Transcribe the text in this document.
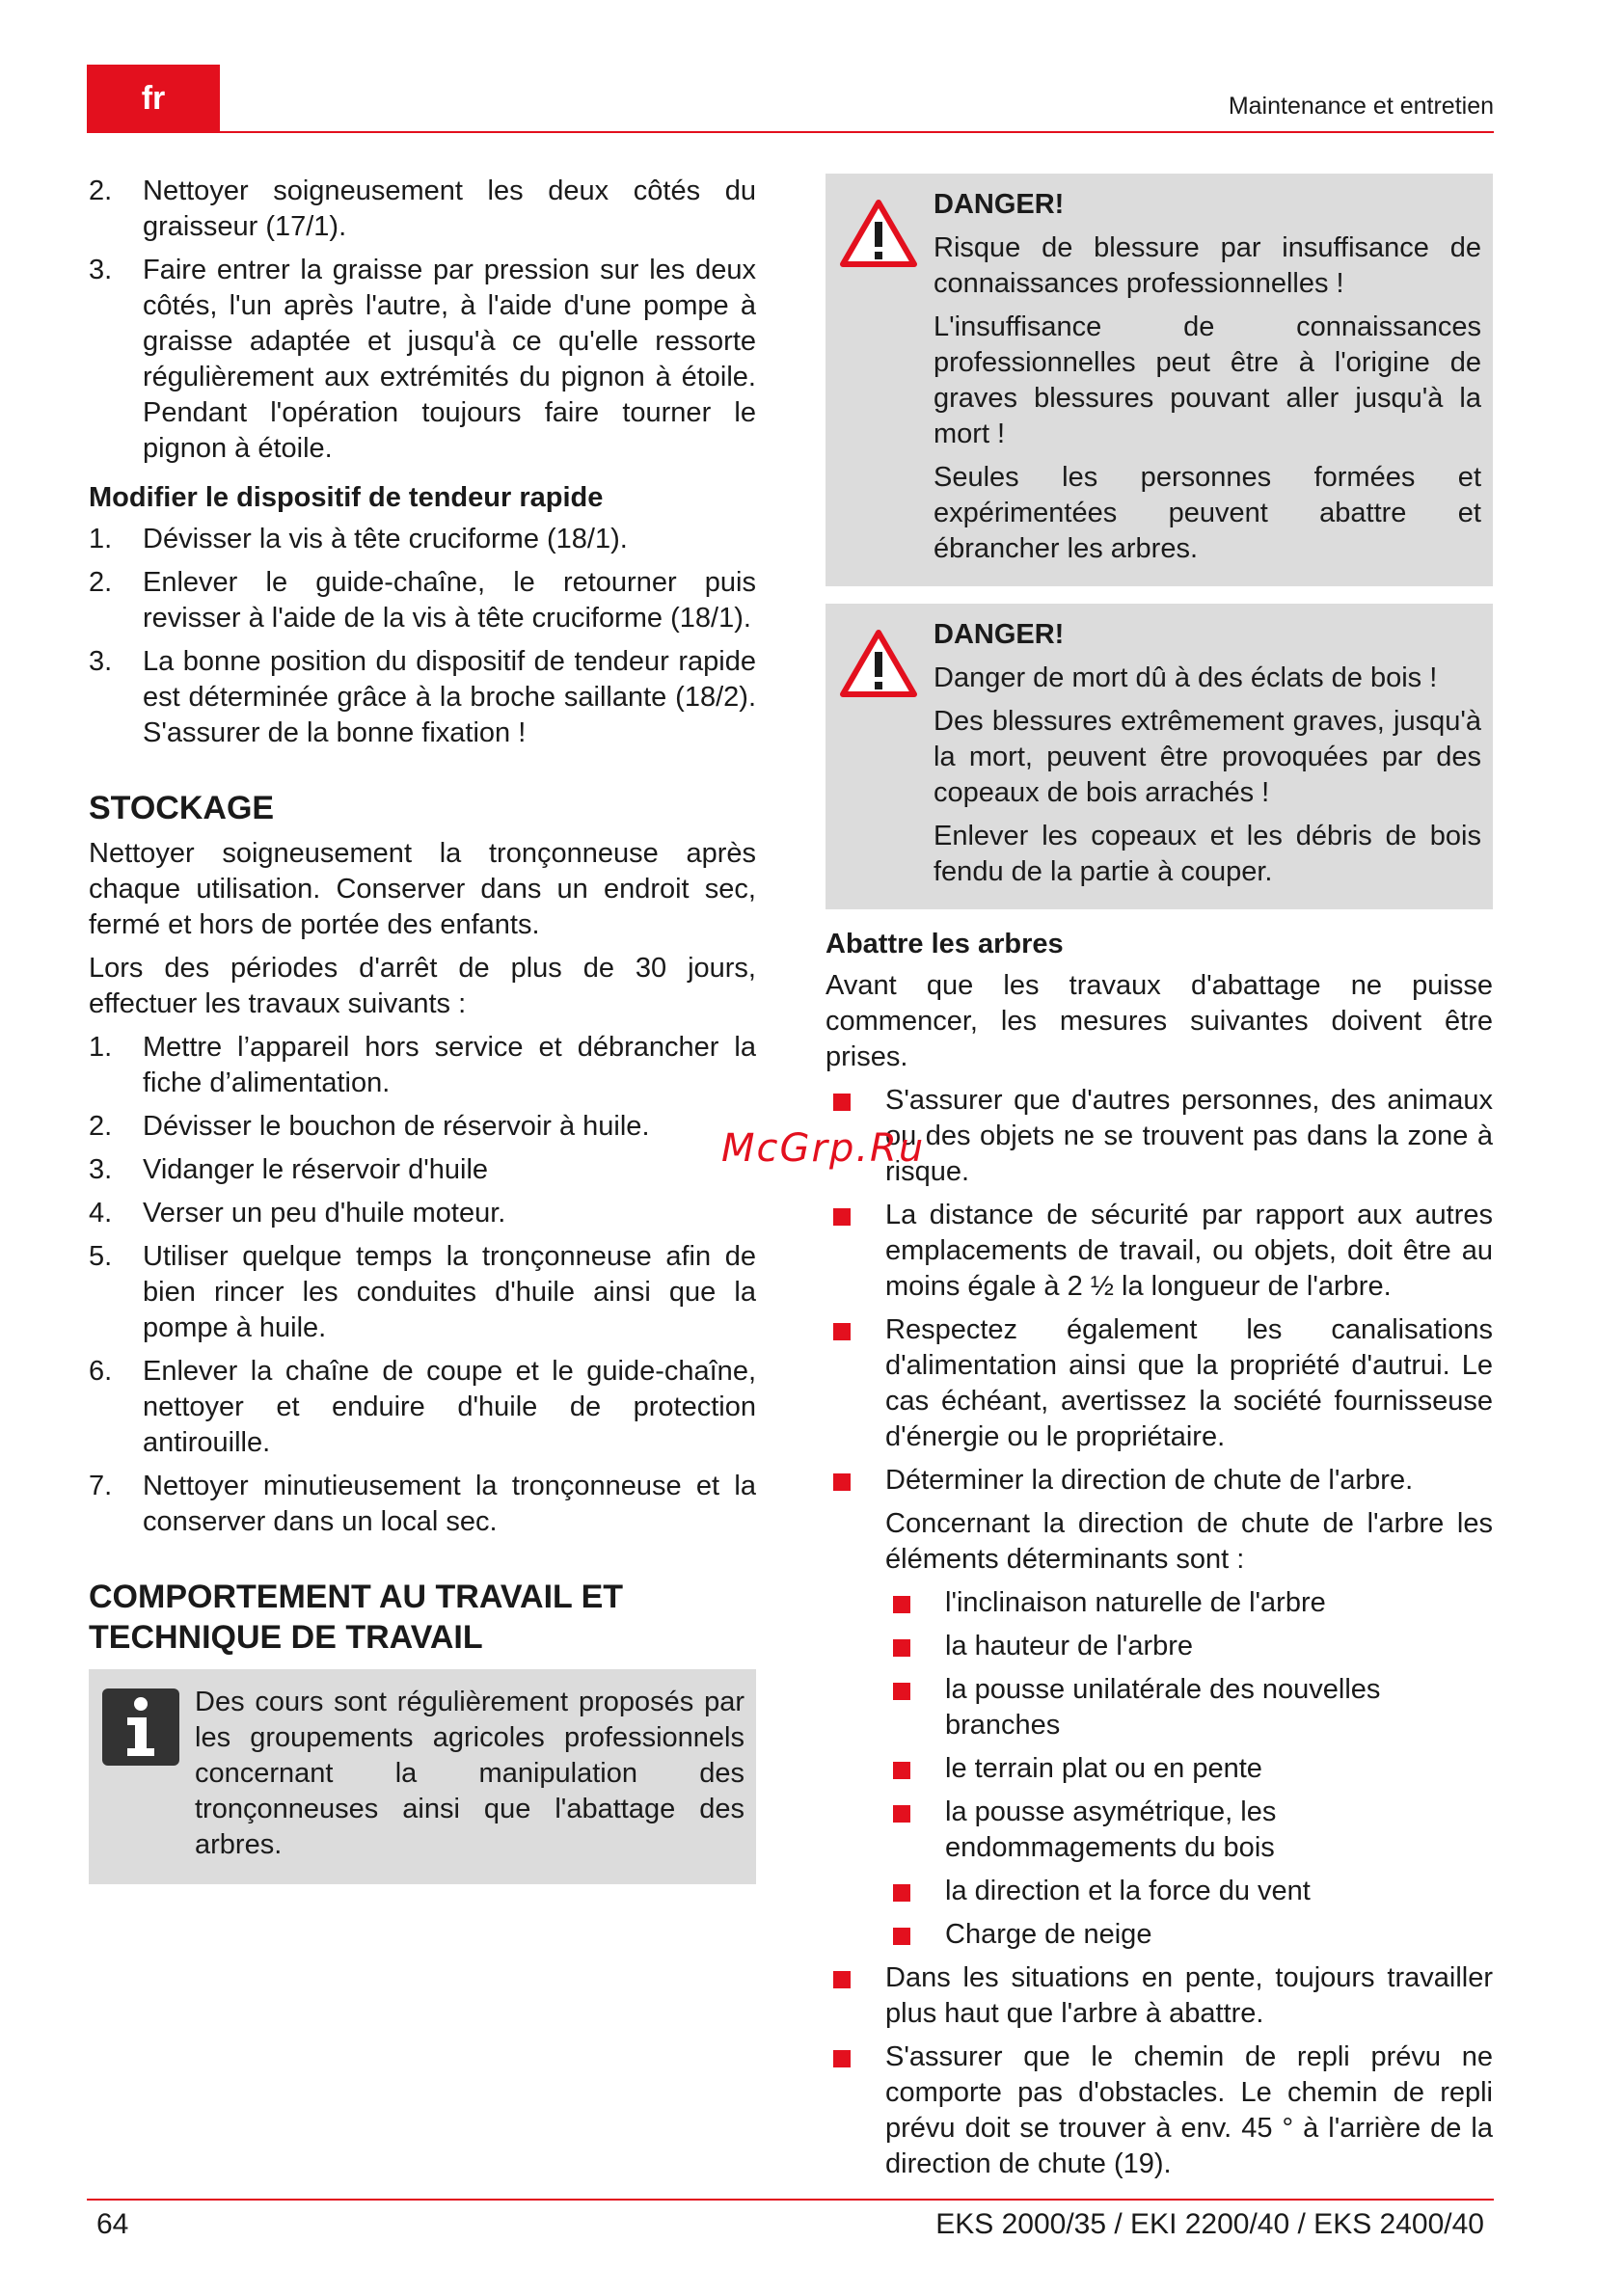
fr	Maintenance et entretien
2. Nettoyer soigneusement les deux côtés du graisseur (17/1).
3. Faire entrer la graisse par pression sur les deux côtés, l'un après l'autre, à l'aide d'une pompe à graisse adaptée et jusqu'à ce qu'elle ressorte régulièrement aux extrémités du pignon à étoile. Pendant l'opération toujours faire tourner le pignon à étoile.
Modifier le dispositif de tendeur rapide
1. Dévisser la vis à tête cruciforme (18/1).
2. Enlever le guide-chaîne, le retourner puis revisser à l'aide de la vis à tête cruciforme (18/1).
3. La bonne position du dispositif de tendeur rapide est déterminée grâce à la broche saillante (18/2). S'assurer de la bonne fixation !
STOCKAGE

Nettoyer soigneusement la tronçonneuse après chaque utilisation. Conserver dans un endroit sec, fermé et hors de portée des enfants.

Lors des périodes d'arrêt de plus de 30 jours, effectuer les travaux suivants :

1. Mettre l’appareil hors service et débrancher la fiche d’alimentation.
2. Dévisser le bouchon de réservoir à huile.
3. Vidanger le réservoir d'huile
4. Verser un peu d'huile moteur.
5. Utiliser quelque temps la tronçonneuse afin de bien rincer les conduites d'huile ainsi que la pompe à huile.
6. Enlever la chaîne de coupe et le guide-chaîne, nettoyer et enduire d'huile de protection antirouille.
7. Nettoyer minutieusement la tronçonneuse et la conserver dans un local sec.
COMPORTEMENT AU TRAVAIL ET
TECHNIQUE DE TRAVAIL

Des cours sont régulièrement proposés par les groupements agricoles professionnels concernant la manipulation des tronçonneuses ainsi que l'abattage des arbres.

DANGER!

Risque de blessure par insuffisance de connaissances professionnelles !

L'insuffisance de connaissances professionnelles peut être à l'origine de graves blessures pouvant aller jusqu'à la mort !

Seules les personnes formées et expérimentées peuvent abattre et ébrancher les arbres.

DANGER!

Danger de mort dû à des éclats de bois !

Des blessures extrêmement graves, jusqu'à la mort, peuvent être provoquées par des copeaux de bois arrachés !

Enlever les copeaux et les débris de bois fendu de la partie à couper.

Abattre les arbres

Avant que les travaux d'abattage ne puisse commencer, les mesures suivantes doivent être prises.

S'assurer que d'autres personnes, des animaux ou des objets ne se trouvent pas dans la zone à risque.
La distance de sécurité par rapport aux autres emplacements de travail, ou objets, doit être au moins égale à 2 ½ la longueur de l'arbre.
Respectez également les canalisations d'alimentation ainsi que la propriété d'autrui. Le cas échéant, avertissez la société fournisseuse d'énergie ou le propriétaire.
Déterminer la direction de chute de l'arbre.
Concernant la direction de chute de l'arbre les éléments déterminants sont :
l'inclinaison naturelle de l'arbre
la hauteur de l'arbre
la pousse unilatérale des nouvelles branches
le terrain plat ou en pente
la pousse asymétrique, les endommagements du bois
la direction et la force du vent
Charge de neige
Dans les situations en pente, toujours travailler plus haut que l'arbre à abattre.
S'assurer que le chemin de repli prévu ne comporte pas d'obstacles. Le chemin de repli prévu doit se trouver à env. 45 ° à l'arrière de la direction de chute (19).
McGrp.Ru
64	EKS 2000/35 / EKI 2200/40 / EKS 2400/40
